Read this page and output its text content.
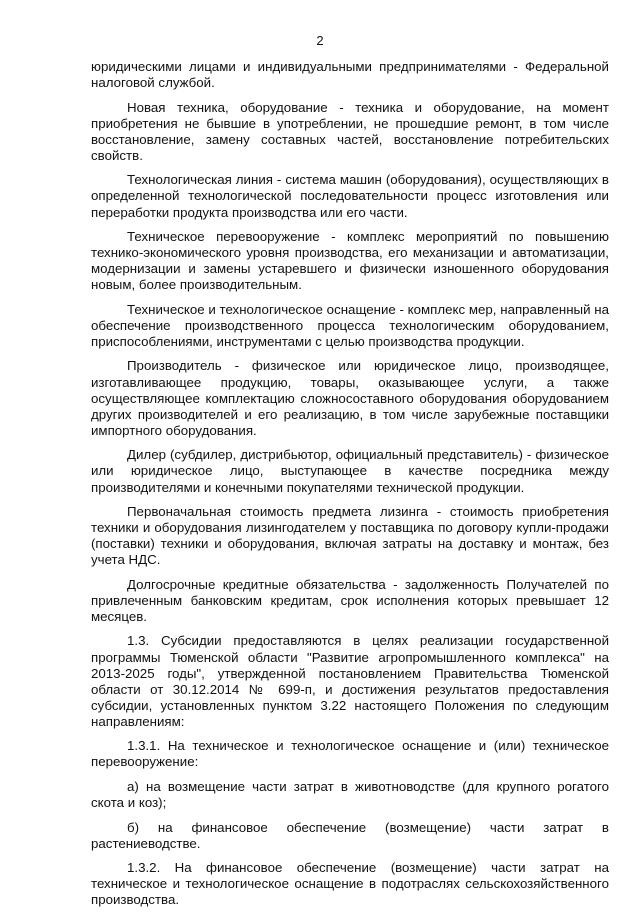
2

юридическими лицами и индивидуальными предпринимателями - Федеральной налоговой службой.

Новая техника, оборудование - техника и оборудование, на момент приобретения не бывшие в употреблении, не прошедшие ремонт, в том числе восстановление, замену составных частей, восстановление потребительских свойств.

Технологическая линия - система машин (оборудования), осуществляющих в определенной технологической последовательности процесс изготовления или переработки продукта производства или его части.

Техническое перевооружение - комплекс мероприятий по повышению технико-экономического уровня производства, его механизации и автоматизации, модернизации и замены устаревшего и физически изношенного оборудования новым, более производительным.

Техническое и технологическое оснащение - комплекс мер, направленный на обеспечение производственного процесса технологическим оборудованием, приспособлениями, инструментами с целью производства продукции.

Производитель - физическое или юридическое лицо, производящее, изготавливающее продукцию, товары, оказывающее услуги, а также осуществляющее комплектацию сложносоставного оборудования оборудованием других производителей и его реализацию, в том числе зарубежные поставщики импортного оборудования.

Дилер (субдилер, дистрибьютор, официальный представитель) - физическое или юридическое лицо, выступающее в качестве посредника между производителями и конечными покупателями технической продукции.

Первоначальная стоимость предмета лизинга - стоимость приобретения техники и оборудования лизингодателем у поставщика по договору купли-продажи (поставки) техники и оборудования, включая затраты на доставку и монтаж, без учета НДС.

Долгосрочные кредитные обязательства - задолженность Получателей по привлеченным банковским кредитам, срок исполнения которых превышает 12 месяцев.

1.3. Субсидии предоставляются в целях реализации государственной программы Тюменской области "Развитие агропромышленного комплекса" на 2013-2025 годы", утвержденной постановлением Правительства Тюменской области от 30.12.2014 № 699-п, и достижения результатов предоставления субсидии, установленных пунктом 3.22 настоящего Положения по следующим направлениям:

1.3.1. На техническое и технологическое оснащение и (или) техническое перевооружение:

а) на возмещение части затрат в животноводстве (для крупного рогатого скота и коз);

б) на финансовое обеспечение (возмещение) части затрат в растениеводстве.

1.3.2. На финансовое обеспечение (возмещение) части затрат на техническое и технологическое оснащение в подотраслях сельскохозяйственного производства.
